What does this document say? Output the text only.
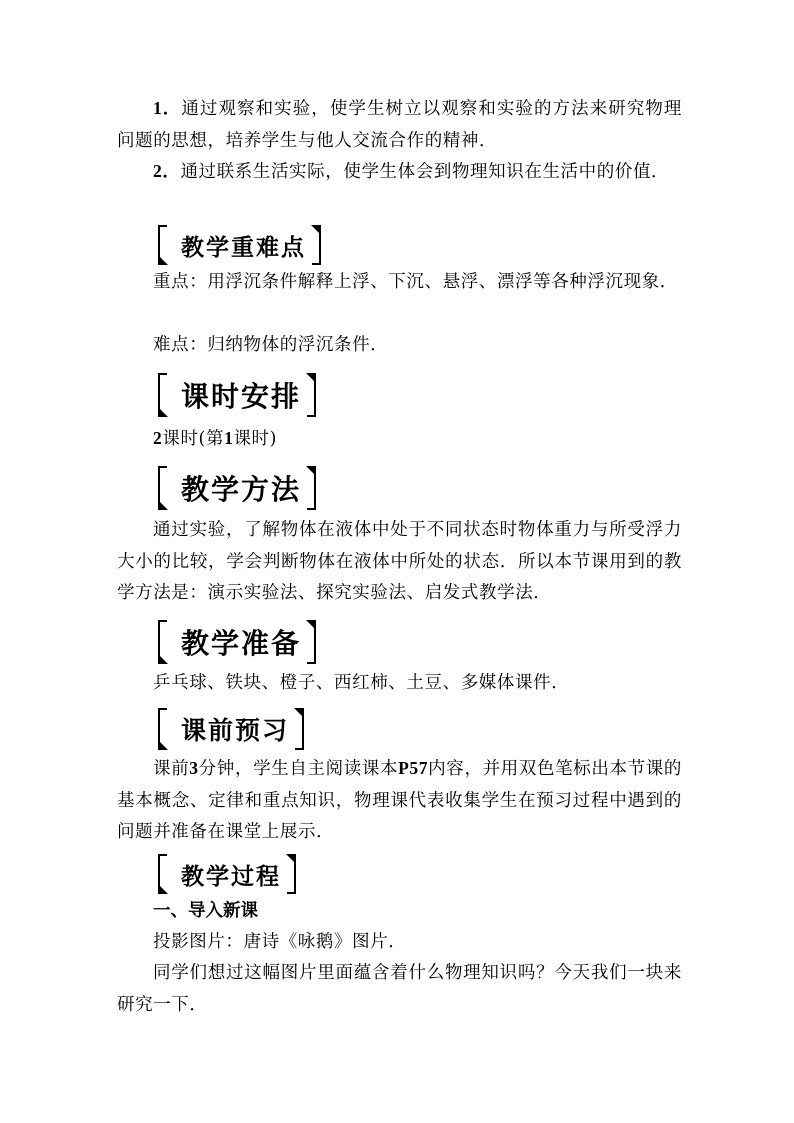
1．通过观察和实验，使学生树立以观察和实验的方法来研究物理问题的思想，培养学生与他人交流合作的精神．

2．通过联系生活实际，使学生体会到物理知识在生活中的价值．

教学重难点

重点：用浮沉条件解释上浮、下沉、悬浮、漂浮等各种浮沉现象．

难点：归纳物体的浮沉条件．

课时安排

2课时(第1课时)

教学方法

通过实验，了解物体在液体中处于不同状态时物体重力与所受浮力大小的比较，学会判断物体在液体中所处的状态．所以本节课用到的教学方法是：演示实验法、探究实验法、启发式教学法．

教学准备

乒乓球、铁块、橙子、西红柿、土豆、多媒体课件．

课前预习

课前3分钟，学生自主阅读课本P57内容，并用双色笔标出本节课的基本概念、定律和重点知识，物理课代表收集学生在预习过程中遇到的问题并准备在课堂上展示．

教学过程
一、导入新课

投影图片：唐诗《咏鹅》图片．

同学们想过这幅图片里面蕴含着什么物理知识吗？今天我们一块来研究一下．
